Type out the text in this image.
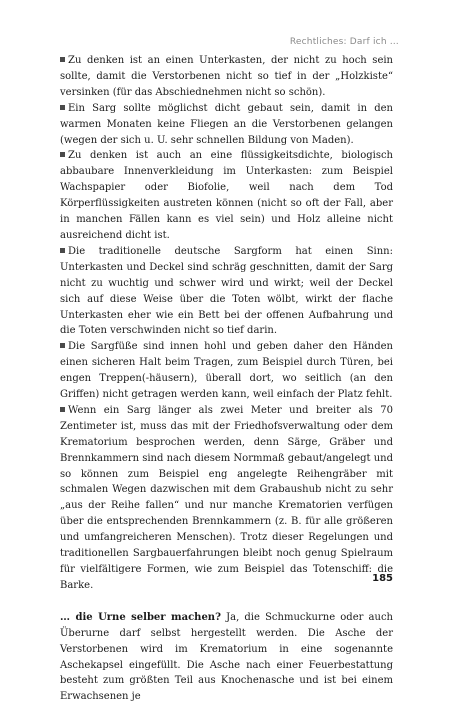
Rechtliches: Darf ich …
Zu denken ist an einen Unterkasten, der nicht zu hoch sein sollte, damit die Verstorbenen nicht so tief in der „Holzkiste“ versinken (für das Abschiednehmen nicht so schön).
Ein Sarg sollte möglichst dicht gebaut sein, damit in den warmen Monaten keine Fliegen an die Verstorbenen gelangen (wegen der sich u. U. sehr schnellen Bildung von Maden).
Zu denken ist auch an eine flüssigkeitsdichte, biologisch abbaubare Innenverkleidung im Unterkasten: zum Beispiel Wachspapier oder Biofolie, weil nach dem Tod Körperflüssigkeiten austreten können (nicht so oft der Fall, aber in manchen Fällen kann es viel sein) und Holz alleine nicht ausreichend dicht ist.
Die traditionelle deutsche Sargform hat einen Sinn: Unterkasten und Deckel sind schräg geschnitten, damit der Sarg nicht zu wuchtig und schwer wird und wirkt; weil der Deckel sich auf diese Weise über die Toten wölbt, wirkt der flache Unterkasten eher wie ein Bett bei der offenen Aufbahrung und die Toten verschwinden nicht so tief darin.
Die Sargfüße sind innen hohl und geben daher den Händen einen sicheren Halt beim Tragen, zum Beispiel durch Türen, bei engen Treppen(-häusern), überall dort, wo seitlich (an den Griffen) nicht getragen werden kann, weil einfach der Platz fehlt.
Wenn ein Sarg länger als zwei Meter und breiter als 70 Zentimeter ist, muss das mit der Friedhofsverwaltung oder dem Krematorium besprochen werden, denn Särge, Gräber und Brennkammern sind nach diesem Normmaß gebaut/angelegt und so können zum Beispiel eng angelegte Reihengräber mit schmalen Wegen dazwischen mit dem Grabaushub nicht zu sehr „aus der Reihe fallen“ und nur manche Krematorien verfügen über die entsprechenden Brennkammern (z. B. für alle größeren und umfangreicheren Menschen). Trotz dieser Regelungen und traditionellen Sargbauerfahrungen bleibt noch genug Spielraum für vielfältigere Formen, wie zum Beispiel das Totenschiff: die Barke.

… die Urne selber machen? Ja, die Schmuckurne oder auch Überurne darf selbst hergestellt werden. Die Asche der Verstorbenen wird im Krematorium in eine sogenannte Aschekapsel eingefüllt. Die Asche nach einer Feuerbestattung besteht zum größten Teil aus Knochenasche und ist bei einem Erwachsenen je

185
